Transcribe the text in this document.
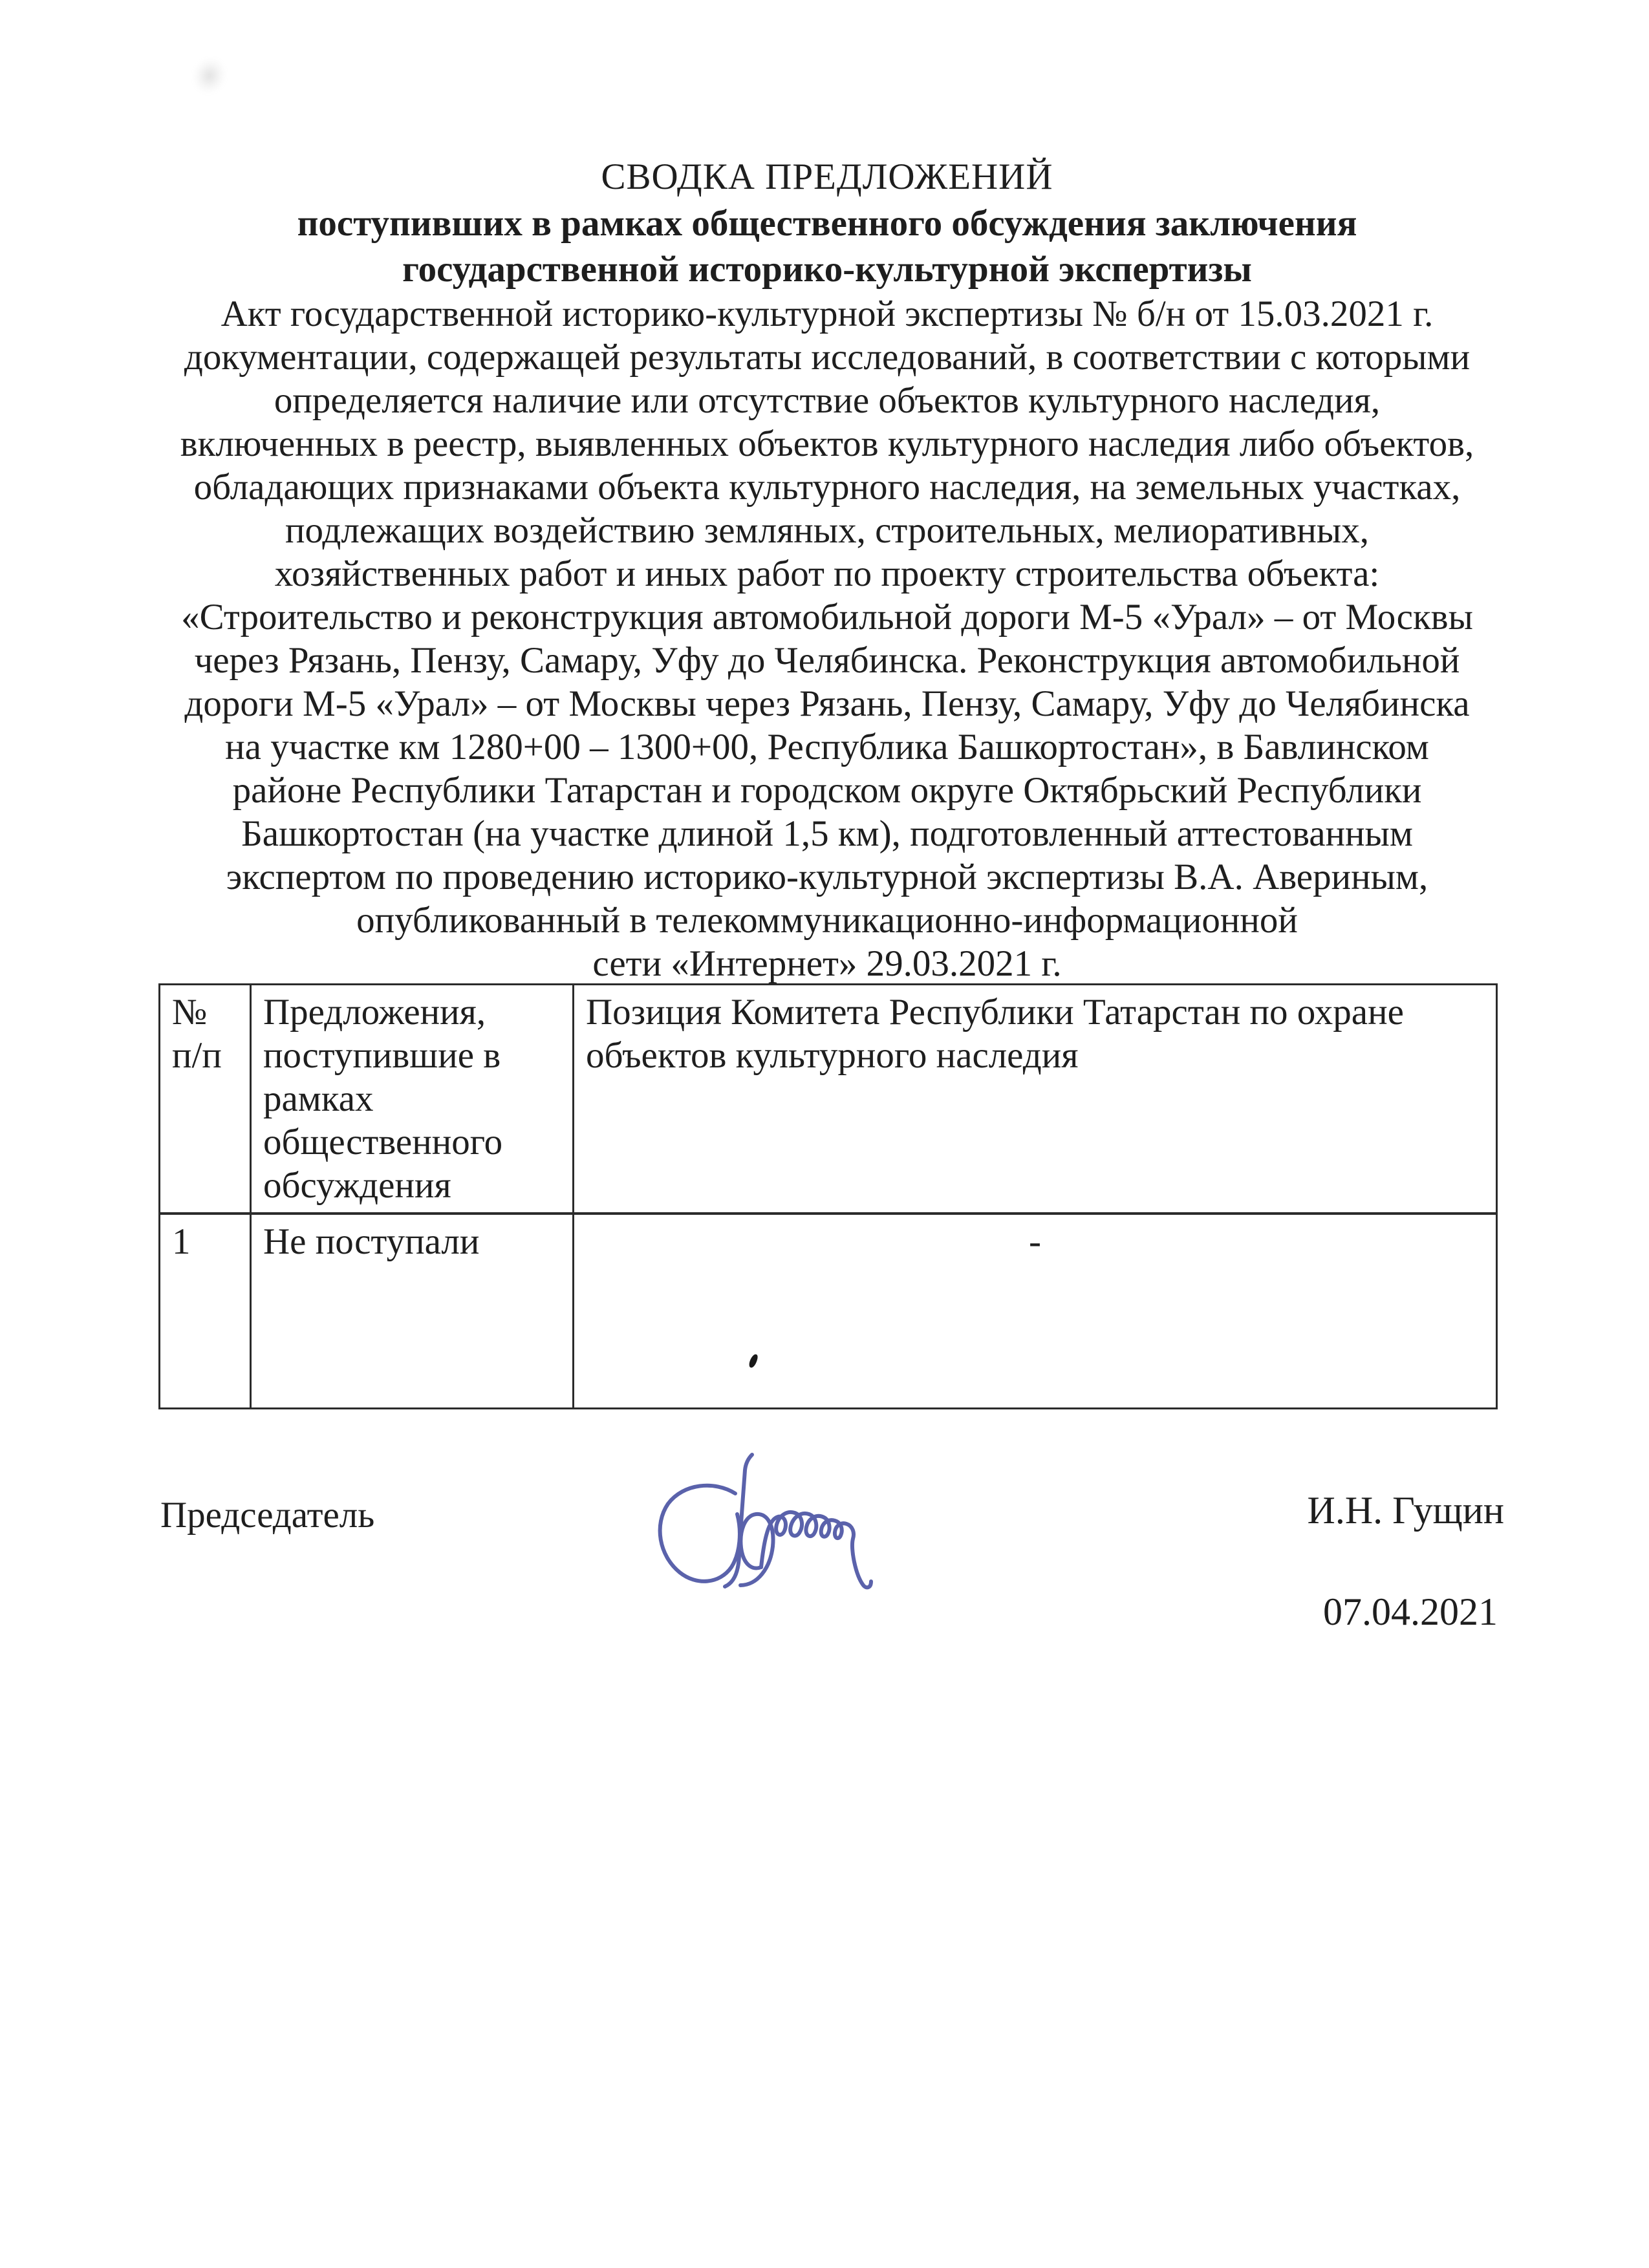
СВОДКА ПРЕДЛОЖЕНИЙ
поступивших в рамках общественного обсуждения заключения
государственной историко-культурной экспертизы
Акт государственной историко-культурной экспертизы № б/н от 15.03.2021 г.
документации, содержащей результаты исследований, в соответствии с которыми
определяется наличие или отсутствие объектов культурного наследия,
включенных в реестр, выявленных объектов культурного наследия либо объектов,
обладающих признаками объекта культурного наследия, на земельных участках,
подлежащих воздействию земляных, строительных, мелиоративных,
хозяйственных работ и иных работ по проекту строительства объекта:
«Строительство и реконструкция автомобильной дороги М-5 «Урал» – от Москвы
через Рязань, Пензу, Самару, Уфу до Челябинска. Реконструкция автомобильной
дороги М-5 «Урал» – от Москвы через Рязань, Пензу, Самару, Уфу до Челябинска
на участке км 1280+00 – 1300+00, Республика Башкортостан», в Бавлинском
районе Республики Татарстан и городском округе Октябрьский Республики
Башкортостан (на участке длиной 1,5 км), подготовленный аттестованным
экспертом по проведению историко-культурной экспертизы В.А. Авериным,
опубликованный в телекоммуникационно-информационной
сети «Интернет» 29.03.2021 г.
№ п/п	Предложения, поступившие в рамках общественного обсуждения	Позиция Комитета Республики Татарстан по охране объектов культурного наследия

1	Не поступали	-
Председатель	И.Н. Гущин
07.04.2021
